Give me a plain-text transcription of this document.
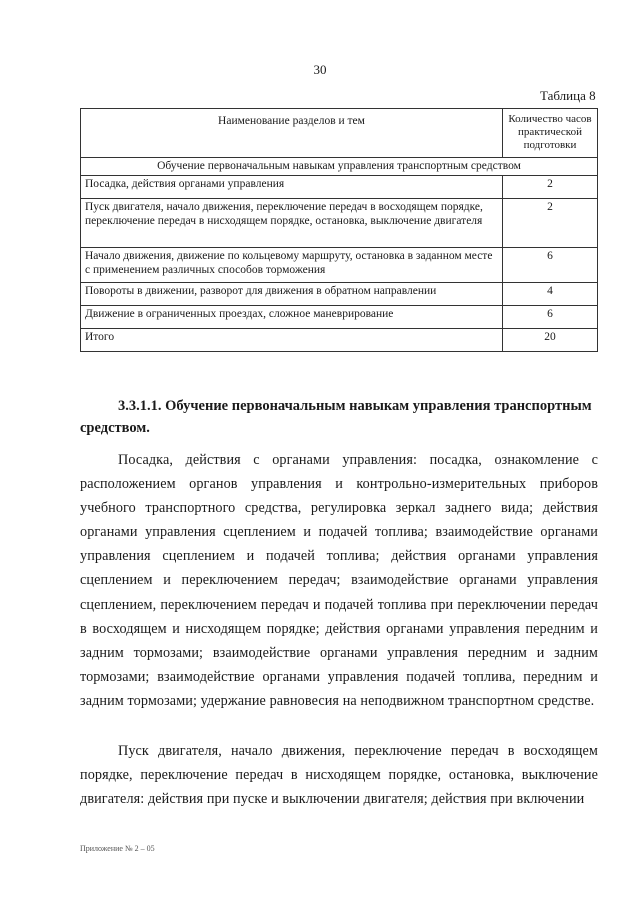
30
Таблица 8
Наименование разделов и тем	Количество часов практической подготовки
Обучение первоначальным навыкам управления транспортным средством	
Посадка, действия органами управления	2
Пуск двигателя, начало движения, переключение передач в восходящем порядке, переключение передач в нисходящем порядке, остановка, выключение двигателя	2
Начало движения, движение по кольцевому маршруту, остановка в заданном месте с применением различных способов торможения	6
Повороты в движении, разворот для движения в обратном направлении	4
Движение в ограниченных проездах, сложное маневрирование	6
Итого	20
3.3.1.1. Обучение первоначальным навыкам управления транспортным средством.
Посадка, действия с органами управления: посадка, ознакомление с расположением органов управления и контрольно-измерительных приборов учебного транспортного средства, регулировка зеркал заднего вида; действия органами управления сцеплением и подачей топлива; взаимодействие органами управления сцеплением и подачей топлива; действия органами управления сцеплением и переключением передач; взаимодействие органами управления сцеплением, переключением передач и подачей топлива при переключении передач в восходящем и нисходящем порядке; действия органами управления передним и задним тормозами; взаимодействие органами управления передним и задним тормозами; взаимодействие органами управления подачей топлива, передним и задним тормозами; удержание равновесия на неподвижном транспортном средстве.
Пуск двигателя, начало движения, переключение передач в восходящем порядке, переключение передач в нисходящем порядке, остановка, выключение двигателя: действия при пуске и выключении двигателя; действия при включении
Приложение № 2 – 05
